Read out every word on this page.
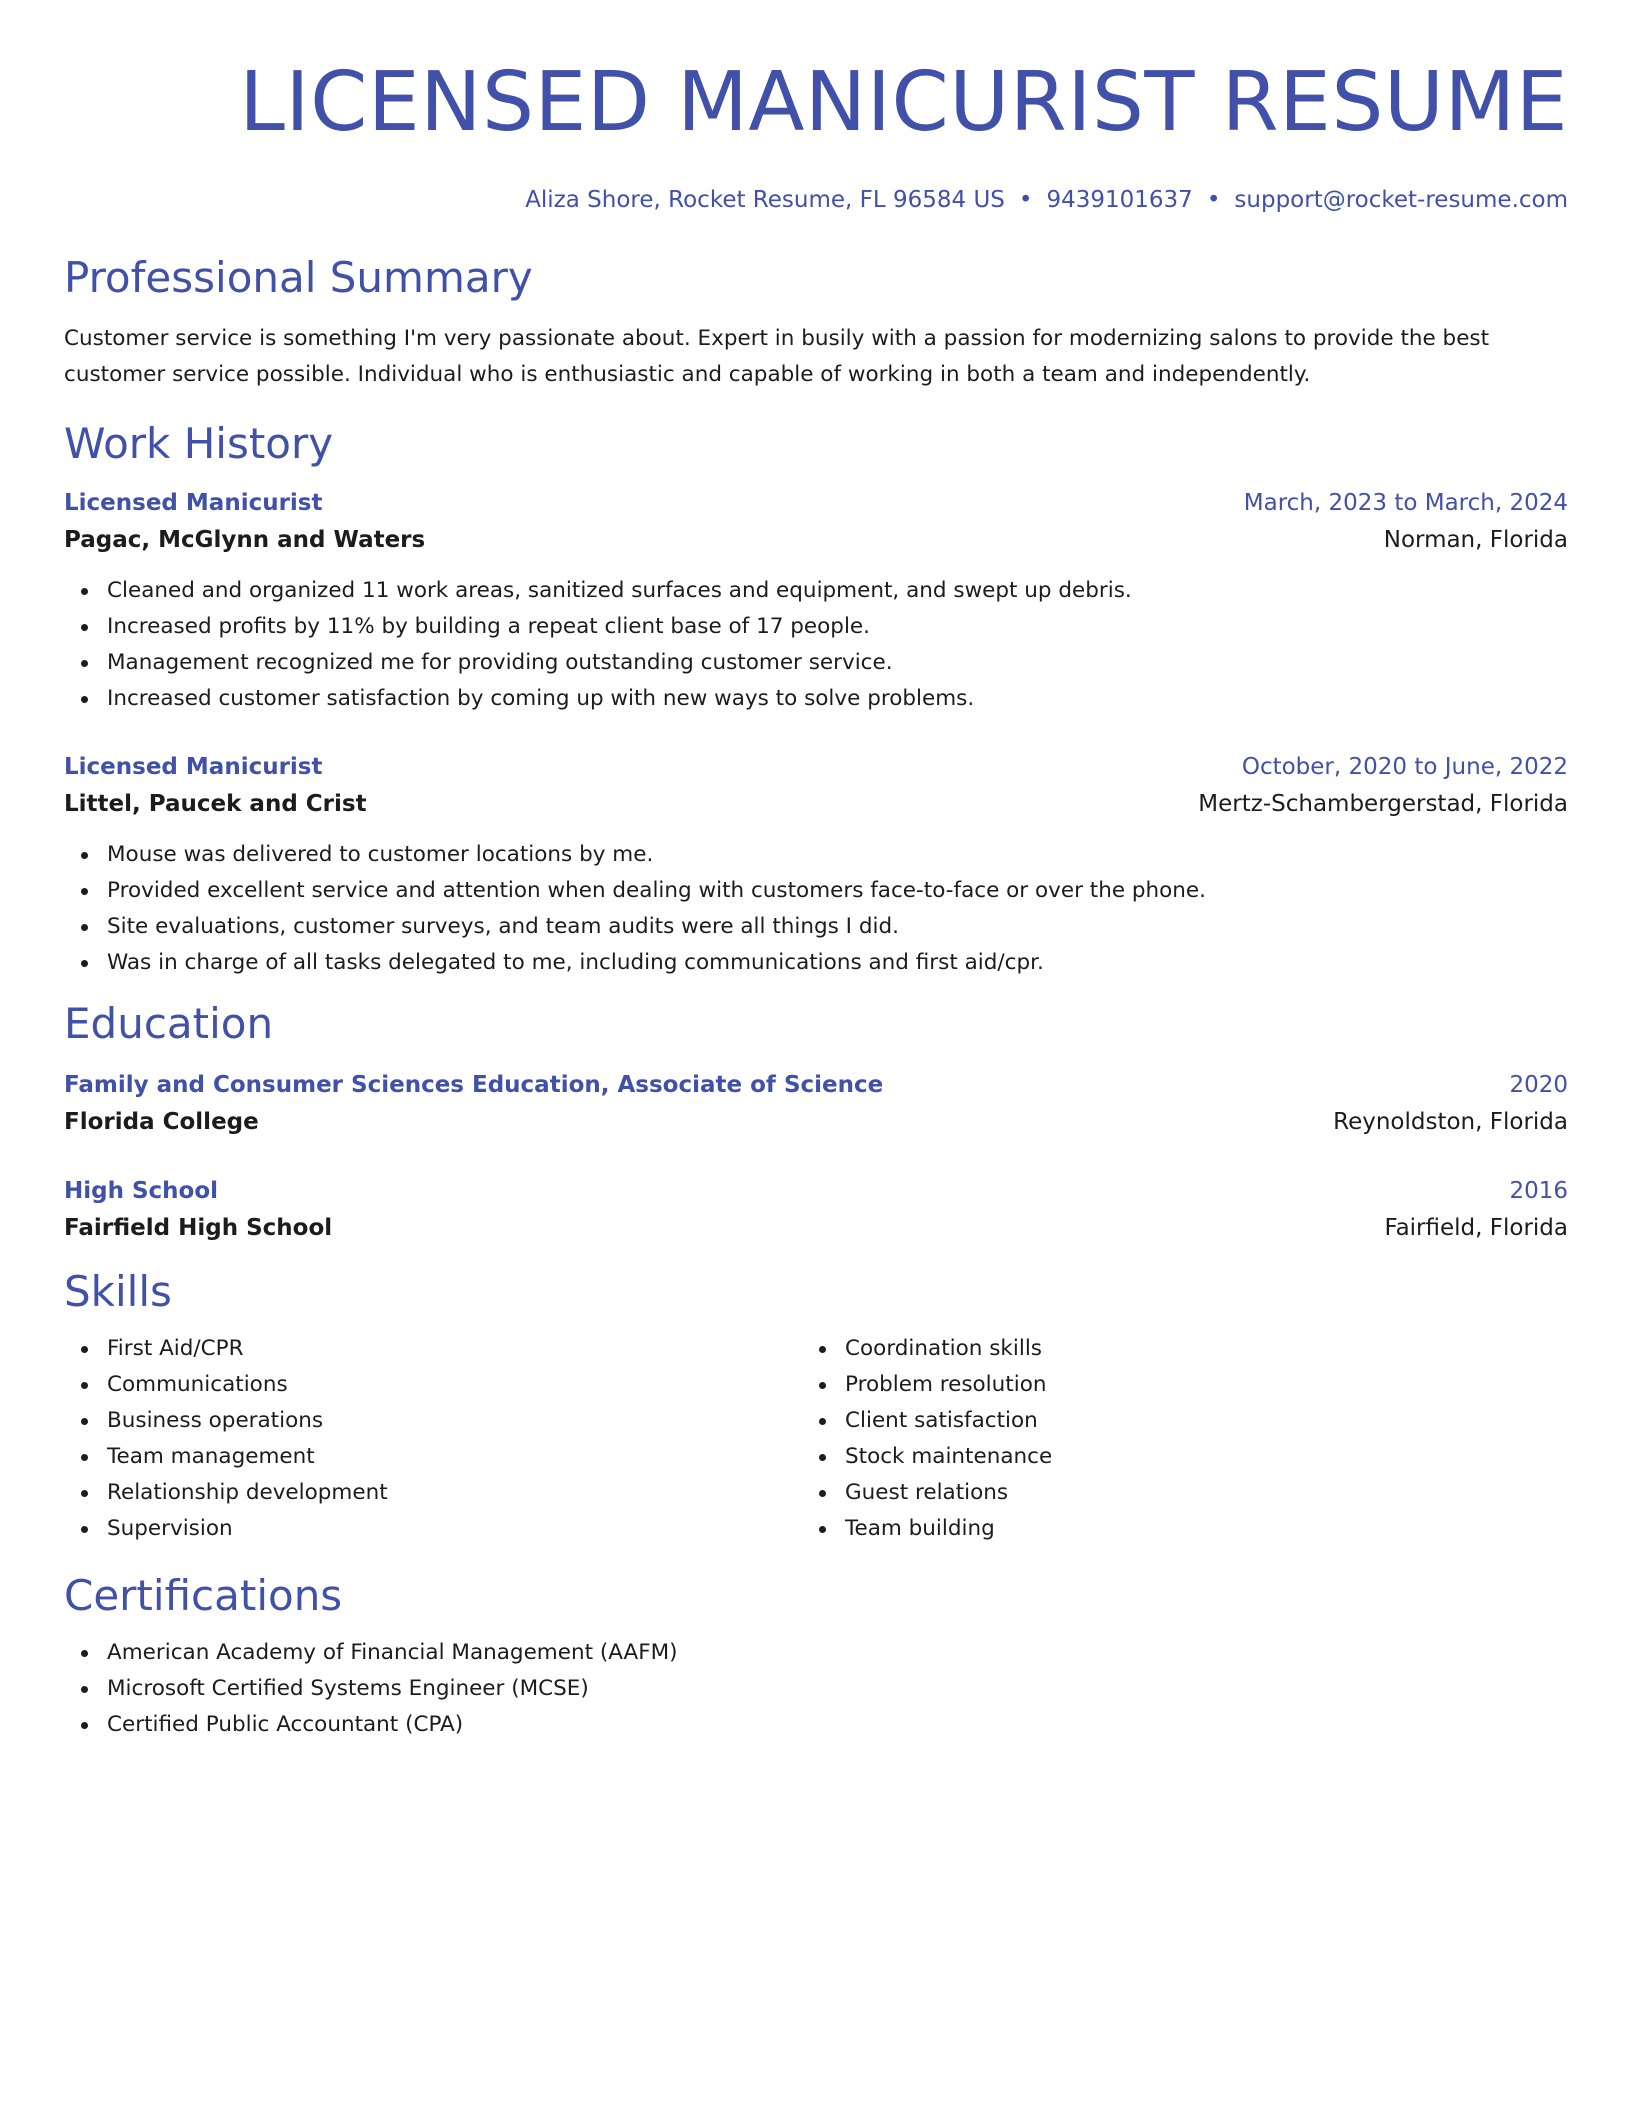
LICENSED MANICURIST RESUME
Aliza Shore, Rocket Resume, FL 96584 US • 9439101637 • support@rocket-resume.com
Professional Summary

Customer service is something I'm very passionate about. Expert in busily with a passion for modernizing salons to provide the best customer service possible. Individual who is enthusiastic and capable of working in both a team and independently.

Work History
Licensed Manicurist	March, 2023 to March, 2024
Pagac, McGlynn and Waters	Norman, Florida
Cleaned and organized 11 work areas, sanitized surfaces and equipment, and swept up debris.
Increased profits by 11% by building a repeat client base of 17 people.
Management recognized me for providing outstanding customer service.
Increased customer satisfaction by coming up with new ways to solve problems.
Licensed Manicurist	October, 2020 to June, 2022
Littel, Paucek and Crist	Mertz-Schambergerstad, Florida
Mouse was delivered to customer locations by me.
Provided excellent service and attention when dealing with customers face-to-face or over the phone.
Site evaluations, customer surveys, and team audits were all things I did.
Was in charge of all tasks delegated to me, including communications and first aid/cpr.
Education
Family and Consumer Sciences Education, Associate of Science	2020
Florida College	Reynoldston, Florida
High School	2016
Fairfield High School	Fairfield, Florida
Skills
First Aid/CPR
Communications
Business operations
Team management
Relationship development
Supervision
Coordination skills
Problem resolution
Client satisfaction
Stock maintenance
Guest relations
Team building
Certifications
American Academy of Financial Management (AAFM)
Microsoft Certified Systems Engineer (MCSE)
Certified Public Accountant (CPA)
